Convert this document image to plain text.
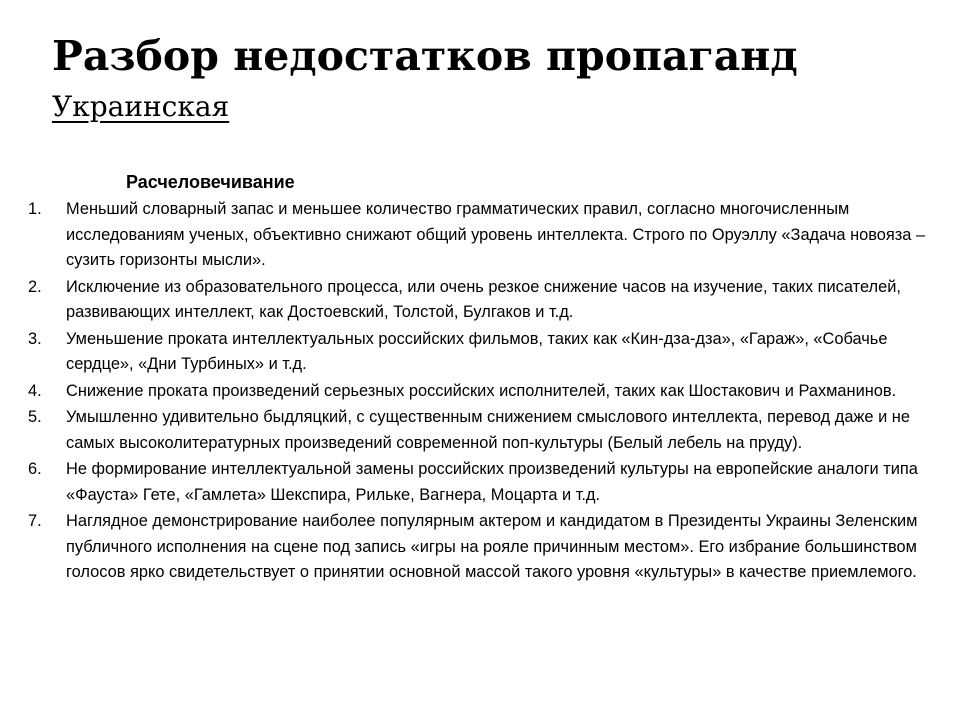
Разбор недостатков пропаганд
Украинская
Расчеловечивание
1.	Меньший словарный запас и меньшее количество грамматических правил, согласно многочисленным исследованиям ученых, объективно снижают общий уровень интеллекта. Строго по Оруэллу «Задача новояза – сузить горизонты мысли».
2.	Исключение из образовательного процесса, или очень резкое снижение часов на изучение, таких писателей, развивающих интеллект, как Достоевский, Толстой, Булгаков и т.д.
3.	Уменьшение проката интеллектуальных российских фильмов, таких как «Кин-дза-дза», «Гараж», «Собачье сердце», «Дни Турбиных» и т.д.
4.	Снижение проката произведений серьезных российских исполнителей, таких как Шостакович и Рахманинов.
5.	Умышленно удивительно быдляцкий, с существенным снижением смыслового интеллекта, перевод даже и не самых высоколитературных произведений современной поп-культуры (Белый лебель на пруду).
6.	Не формирование интеллектуальной замены российских произведений культуры на европейские аналоги типа «Фауста» Гете, «Гамлета» Шекспира, Рильке, Вагнера, Моцарта и т.д.
7.	Наглядное демонстрирование наиболее популярным актером и кандидатом в Президенты Украины Зеленским публичного исполнения на сцене под запись «игры на рояле причинным местом». Его избрание большинством голосов ярко свидетельствует о принятии основной массой такого уровня «культуры» в качестве приемлемого.
